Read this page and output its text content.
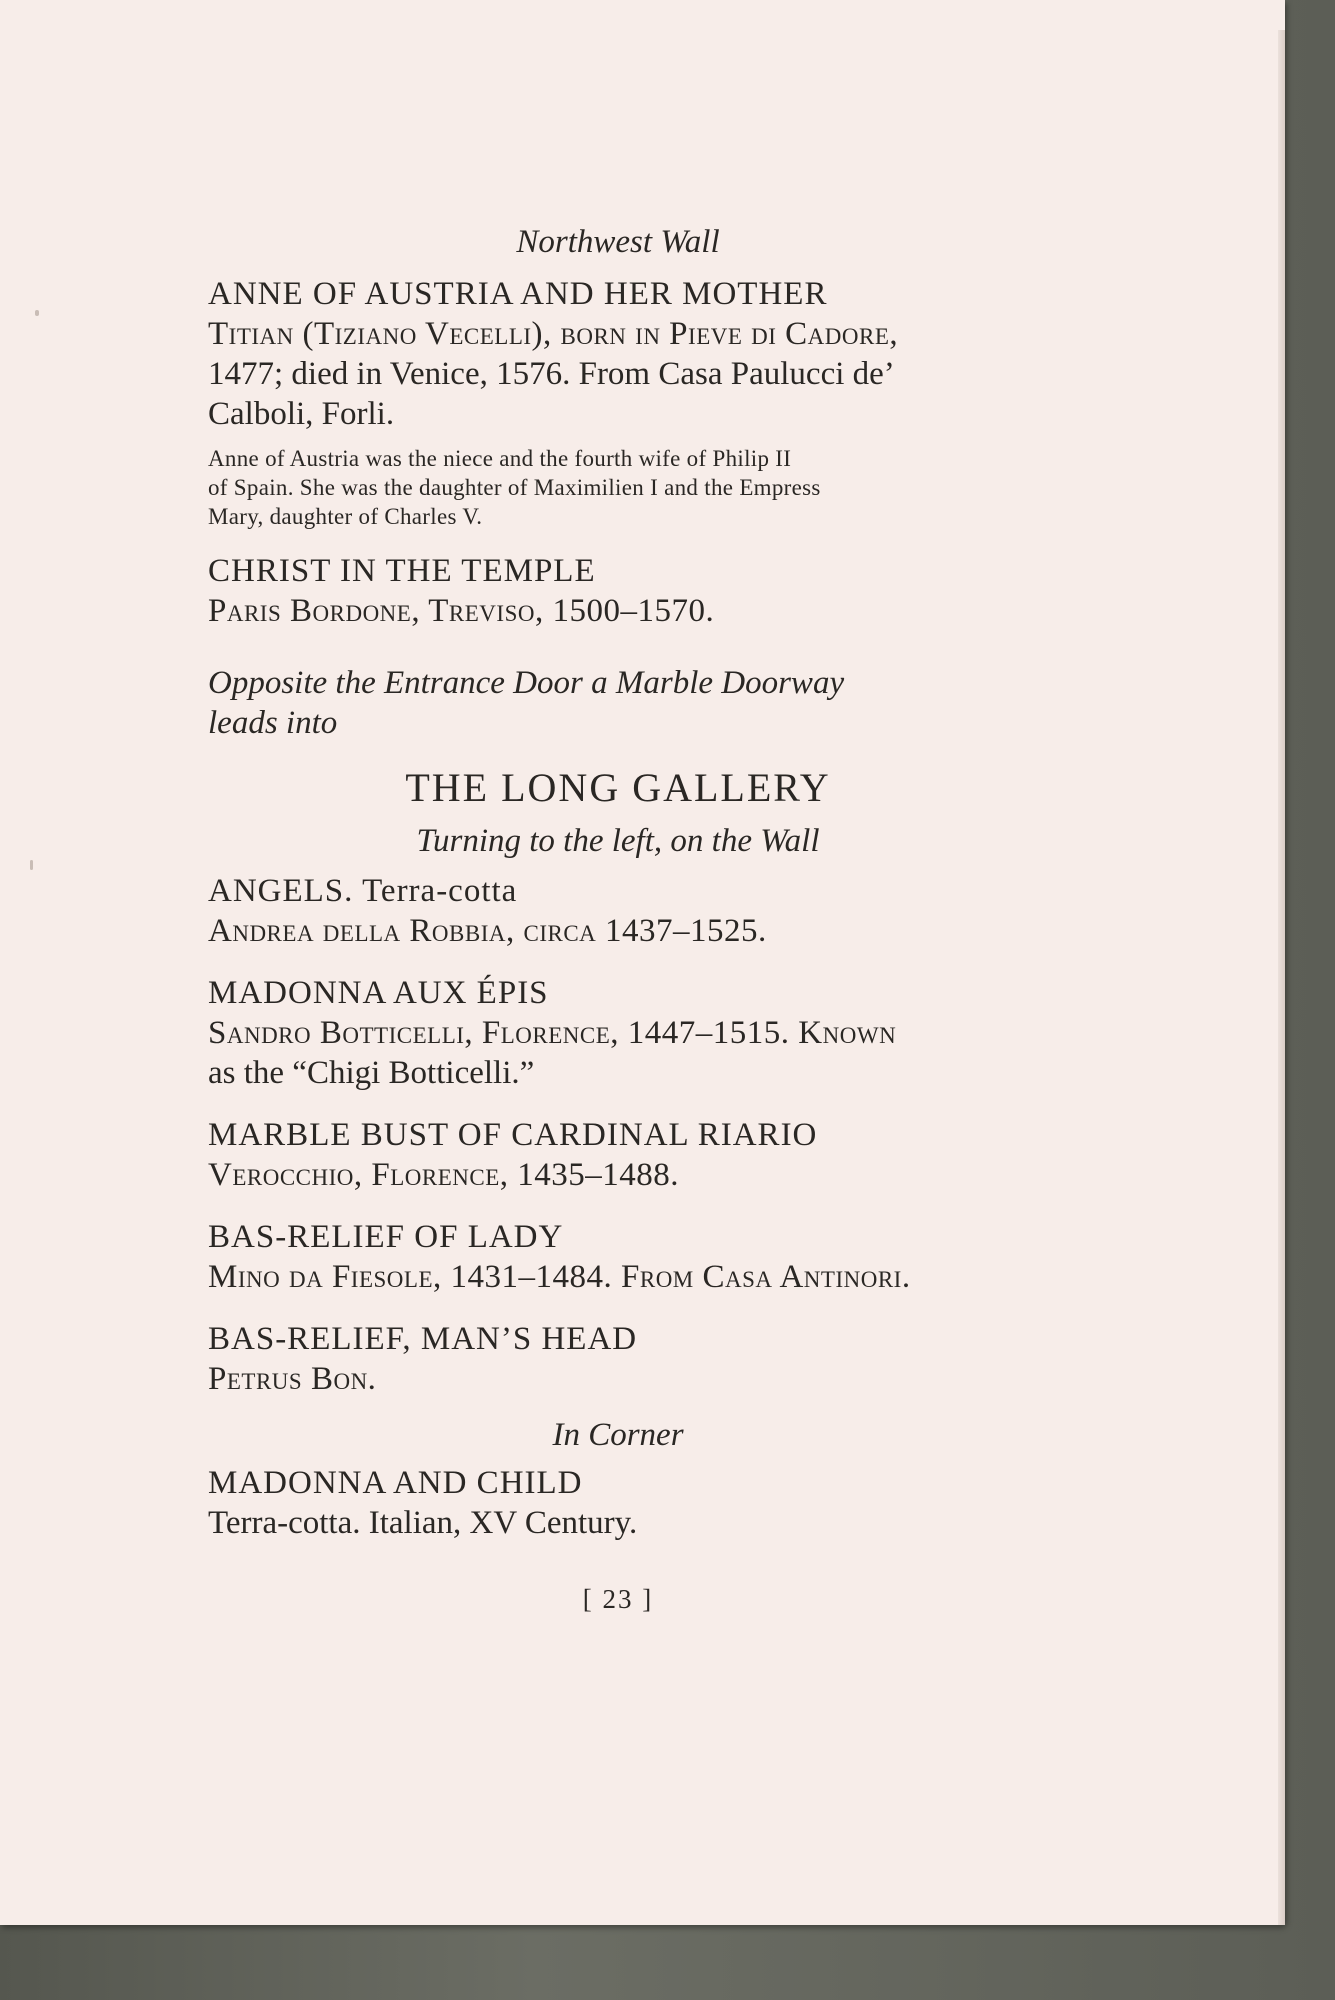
Northwest Wall
ANNE OF AUSTRIA AND HER MOTHER
Titian (Tiziano Vecelli), born in Pieve di Cadore,
1477; died in Venice, 1576. From Casa Paulucci de’
Calboli, Forli.
Anne of Austria was the niece and the fourth wife of Philip II
of Spain. She was the daughter of Maximilien I and the Empress
Mary, daughter of Charles V.
CHRIST IN THE TEMPLE
Paris Bordone, Treviso, 1500–1570.
Opposite the Entrance Door a Marble Doorway
leads into
THE LONG GALLERY
Turning to the left, on the Wall
ANGELS. Terra-cotta
Andrea della Robbia, circa 1437–1525.
MADONNA AUX ÉPIS
Sandro Botticelli, Florence, 1447–1515. Known
as the “Chigi Botticelli.”
MARBLE BUST OF CARDINAL RIARIO
Verocchio, Florence, 1435–1488.
BAS-RELIEF OF LADY
Mino da Fiesole, 1431–1484. From Casa Antinori.
BAS-RELIEF, MAN’S HEAD
Petrus Bon.
In Corner
MADONNA AND CHILD
Terra-cotta. Italian, XV Century.
[ 23 ]
